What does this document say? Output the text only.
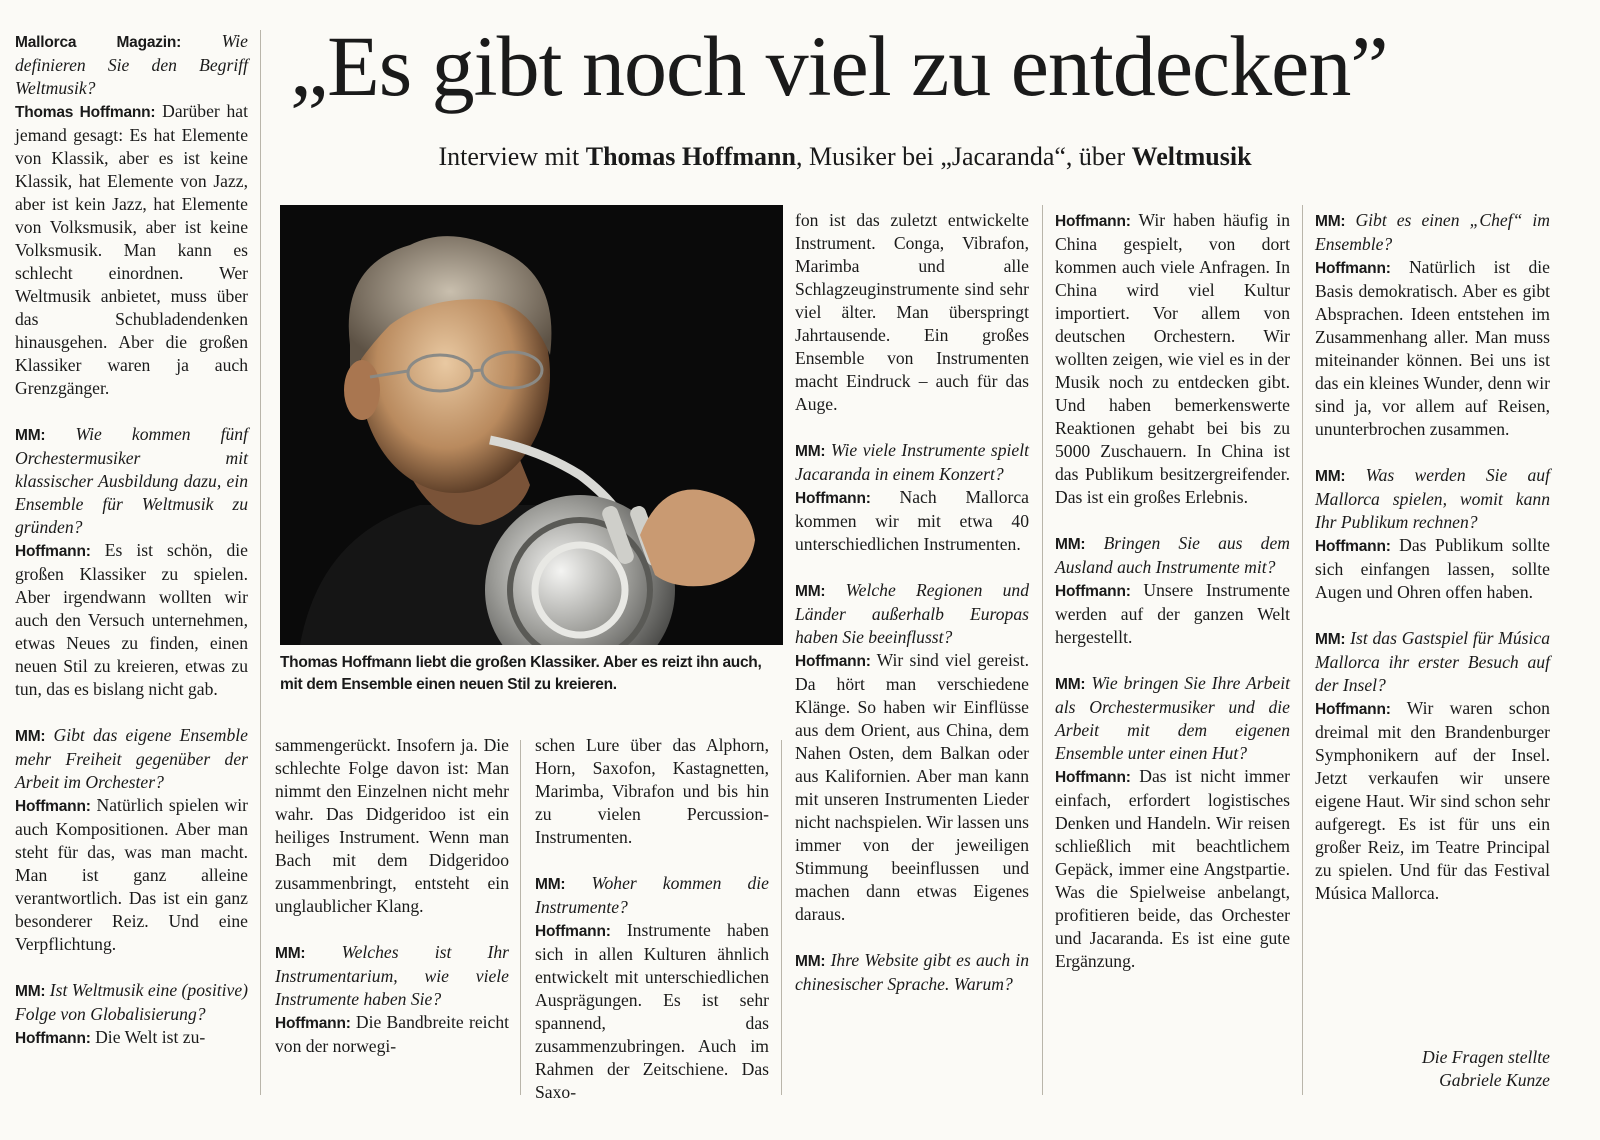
„Es gibt noch viel zu entdecken”
Interview mit Thomas Hoffmann, Musiker bei „Jacaranda“, über Weltmusik
Thomas Hoffmann liebt die großen Klassiker. Aber es reizt ihn auch, mit dem Ensemble einen neuen Stil zu kreieren.

Mallorca Magazin: Wie definieren Sie den Begriff Weltmusik?

Thomas Hoffmann: Darüber hat jemand gesagt: Es hat Elemente von Klassik, aber es ist keine Klassik, hat Elemente von Jazz, aber ist kein Jazz, hat Elemente von Volksmusik, aber ist keine Volksmusik. Man kann es schlecht einordnen. Wer Weltmusik anbietet, muss über das Schubladendenken hinausgehen. Aber die großen Klassiker waren ja auch Grenzgänger.

MM: Wie kommen fünf Orchestermusiker mit klassischer Ausbildung dazu, ein Ensemble für Weltmusik zu gründen?

Hoffmann: Es ist schön, die großen Klassiker zu spielen. Aber irgendwann wollten wir auch den Versuch unternehmen, etwas Neues zu finden, einen neuen Stil zu kreieren, etwas zu tun, das es bislang nicht gab.

MM: Gibt das eigene Ensemble mehr Freiheit gegenüber der Arbeit im Orchester?

Hoffmann: Natürlich spielen wir auch Kompositionen. Aber man steht für das, was man macht. Man ist ganz alleine verantwortlich. Das ist ein ganz besonderer Reiz. Und eine Verpflichtung.

MM: Ist Weltmusik eine (positive) Folge von Globalisierung?

Hoffmann: Die Welt ist zu-

sammengerückt. Insofern ja. Die schlechte Folge davon ist: Man nimmt den Einzelnen nicht mehr wahr. Das Didgeridoo ist ein heiliges Instrument. Wenn man Bach mit dem Didgeridoo zusammenbringt, entsteht ein unglaublicher Klang.

MM: Welches ist Ihr Instrumentarium, wie viele Instrumente haben Sie?

Hoffmann: Die Bandbreite reicht von der norwegi-

schen Lure über das Alphorn, Horn, Saxofon, Kastagnetten, Marimba, Vibrafon und bis hin zu vielen Percussion-Instrumenten.

MM: Woher kommen die Instrumente?

Hoffmann: Instrumente haben sich in allen Kulturen ähnlich entwickelt mit unterschiedlichen Ausprägungen. Es ist sehr spannend, das zusammenzubringen. Auch im Rahmen der Zeitschiene. Das Saxo-

fon ist das zuletzt entwickelte Instrument. Conga, Vibrafon, Marimba und alle Schlagzeuginstrumente sind sehr viel älter. Man überspringt Jahrtausende. Ein großes Ensemble von Instrumenten macht Eindruck – auch für das Auge.

MM: Wie viele Instrumente spielt Jacaranda in einem Konzert?

Hoffmann: Nach Mallorca kommen wir mit etwa 40 unterschiedlichen Instrumenten.

MM: Welche Regionen und Länder außerhalb Europas haben Sie beeinflusst?

Hoffmann: Wir sind viel gereist. Da hört man verschiedene Klänge. So haben wir Einflüsse aus dem Orient, aus China, dem Nahen Osten, dem Balkan oder aus Kalifornien. Aber man kann mit unseren Instrumenten Lieder nicht nachspielen. Wir lassen uns immer von der jeweiligen Stimmung beeinflussen und machen dann etwas Eigenes daraus.

MM: Ihre Website gibt es auch in chinesischer Sprache. Warum?

Hoffmann: Wir haben häufig in China gespielt, von dort kommen auch viele Anfragen. In China wird viel Kultur importiert. Vor allem von deutschen Orchestern. Wir wollten zeigen, wie viel es in der Musik noch zu entdecken gibt. Und haben bemerkenswerte Reaktionen gehabt bei bis zu 5000 Zuschauern. In China ist das Publikum besitzergreifender. Das ist ein großes Erlebnis.

MM: Bringen Sie aus dem Ausland auch Instrumente mit?

Hoffmann: Unsere Instrumente werden auf der ganzen Welt hergestellt.

MM: Wie bringen Sie Ihre Arbeit als Orchestermusiker und die Arbeit mit dem eigenen Ensemble unter einen Hut?

Hoffmann: Das ist nicht immer einfach, erfordert logistisches Denken und Handeln. Wir reisen schließlich mit beachtlichem Gepäck, immer eine Angstpartie. Was die Spielweise anbelangt, profitieren beide, das Orchester und Jacaranda. Es ist eine gute Ergänzung.

MM: Gibt es einen „Chef“ im Ensemble?

Hoffmann: Natürlich ist die Basis demokratisch. Aber es gibt Absprachen. Ideen entstehen im Zusammenhang aller. Man muss miteinander können. Bei uns ist das ein kleines Wunder, denn wir sind ja, vor allem auf Reisen, ununterbrochen zusammen.

MM: Was werden Sie auf Mallorca spielen, womit kann Ihr Publikum rechnen?

Hoffmann: Das Publikum sollte sich einfangen lassen, sollte Augen und Ohren offen haben.

MM: Ist das Gastspiel für Música Mallorca ihr erster Besuch auf der Insel?

Hoffmann: Wir waren schon dreimal mit den Brandenburger Symphonikern auf der Insel. Jetzt verkaufen wir unsere eigene Haut. Wir sind schon sehr aufgeregt. Es ist für uns ein großer Reiz, im Teatre Principal zu spielen. Und für das Festival Música Mallorca.

Die Fragen stellte
Gabriele Kunze
